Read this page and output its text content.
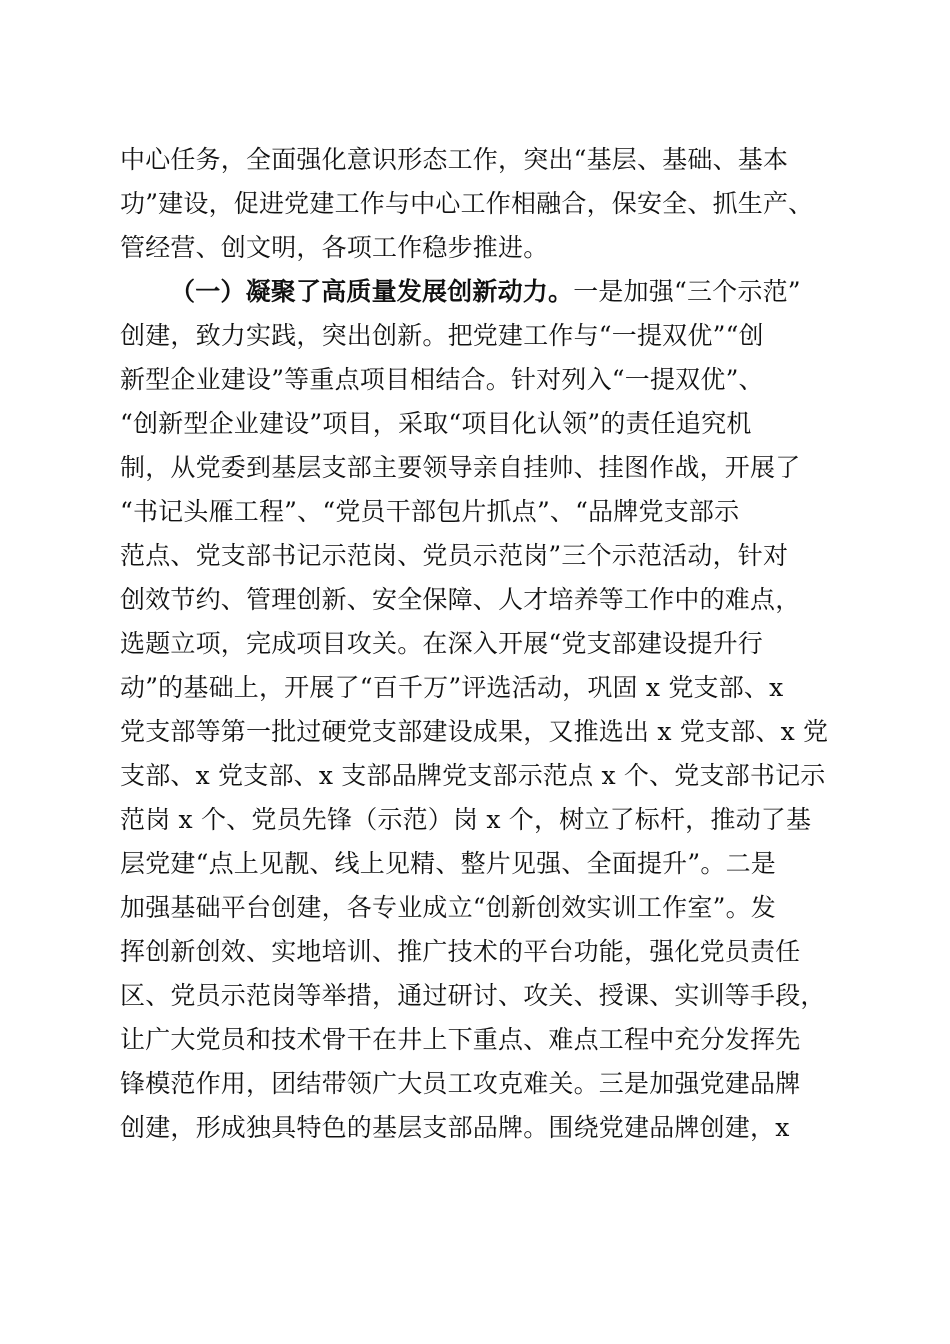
中心任务，全面强化意识形态工作，突出“基层、基础、基本
功”建设，促进党建工作与中心工作相融合，保安全、抓生产、
管经营、创文明，各项工作稳步推进。
（一）凝聚了高质量发展创新动力。一是加强“三个示范”
创建，致力实践，突出创新。把党建工作与“一提双优”“创
新型企业建设”等重点项目相结合。针对列入“一提双优”、
“创新型企业建设”项目，采取“项目化认领”的责任追究机
制，从党委到基层支部主要领导亲自挂帅、挂图作战，开展了
“书记头雁工程”、“党员干部包片抓点”、“品牌党支部示
范点、党支部书记示范岗、党员示范岗”三个示范活动，针对
创效节约、管理创新、安全保障、人才培养等工作中的难点，
选题立项，完成项目攻关。在深入开展“党支部建设提升行
动”的基础上，开展了“百千万”评选活动，巩固 x 党支部、x
党支部等第一批过硬党支部建设成果，又推选出 x 党支部、x 党
支部、x 党支部、x 支部品牌党支部示范点 x 个、党支部书记示
范岗 x 个、党员先锋（示范）岗 x 个，树立了标杆，推动了基
层党建“点上见靓、线上见精、整片见强、全面提升”。二是
加强基础平台创建，各专业成立“创新创效实训工作室”。发
挥创新创效、实地培训、推广技术的平台功能，强化党员责任
区、党员示范岗等举措，通过研讨、攻关、授课、实训等手段，
让广大党员和技术骨干在井上下重点、难点工程中充分发挥先
锋模范作用，团结带领广大员工攻克难关。三是加强党建品牌
创建，形成独具特色的基层支部品牌。围绕党建品牌创建，x
